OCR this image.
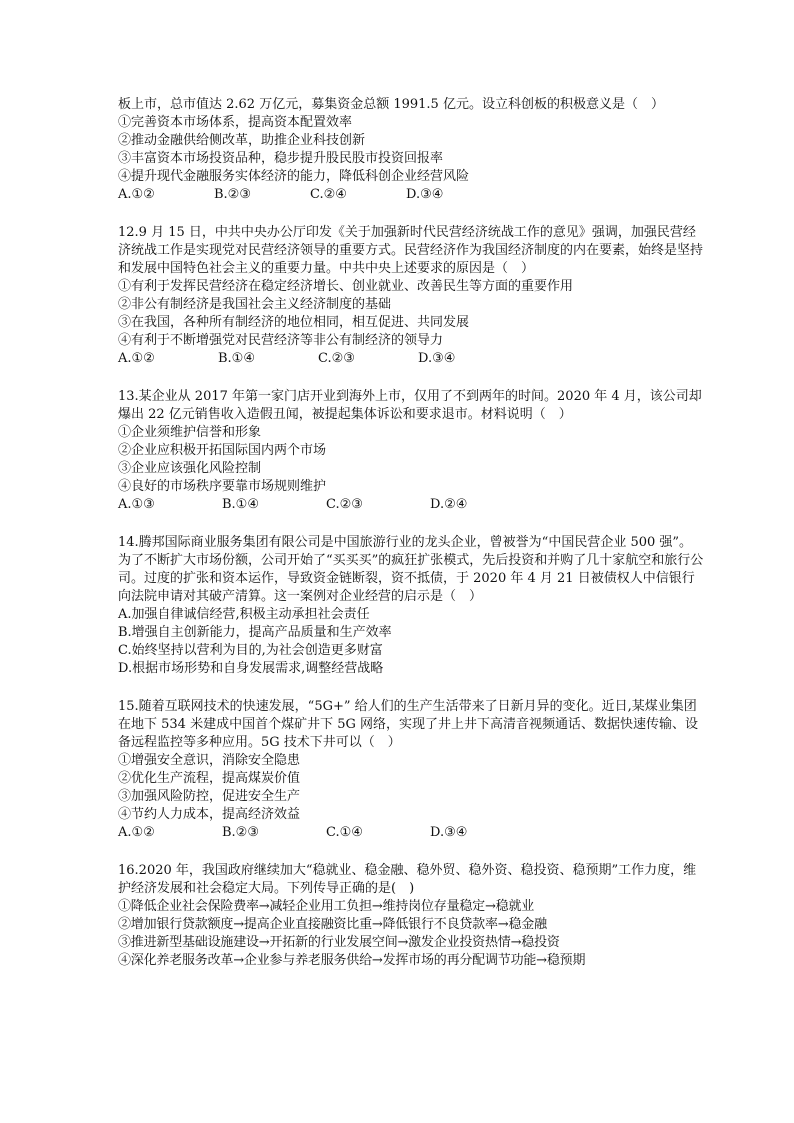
板上市，总市值达 2.62 万亿元，募集资金总额 1991.5 亿元。设立科创板的积极意义是（　）
①完善资本市场体系，提高资本配置效率
②推动金融供给侧改革，助推企业科技创新
③丰富资本市场投资品种，稳步提升股民股市投资回报率
④提升现代金融服务实体经济的能力，降低科创企业经营风险
A.①②	B.②③	C.②④	D.③④
12.9 月 15 日，中共中央办公厅印发《关于加强新时代民营经济统战工作的意见》强调，加强民营经济统战工作是实现党对民营经济领导的重要方式。民营经济作为我国经济制度的内在要素，始终是坚持和发展中国特色社会主义的重要力量。中共中央上述要求的原因是（　）
①有利于发挥民营经济在稳定经济增长、创业就业、改善民生等方面的重要作用
②非公有制经济是我国社会主义经济制度的基础
③在我国，各种所有制经济的地位相同，相互促进、共同发展
④有利于不断增强党对民营经济等非公有制经济的领导力
A.①②	B.①④	C.②③	D.③④
13.某企业从 2017 年第一家门店开业到海外上市，仅用了不到两年的时间。2020 年 4 月，该公司却爆出 22 亿元销售收入造假丑闻，被提起集体诉讼和要求退市。材料说明（　）
①企业须维护信誉和形象
②企业应积极开拓国际国内两个市场
③企业应该强化风险控制
④良好的市场秩序要靠市场规则维护
A.①③	B.①④	C.②③	D.②④
14.腾邦国际商业服务集团有限公司是中国旅游行业的龙头企业，曾被誉为“中国民营企业 500 强”。为了不断扩大市场份额，公司开始了“买买买”的疯狂扩张模式，先后投资和并购了几十家航空和旅行公司。过度的扩张和资本运作，导致资金链断裂，资不抵债，于 2020 年 4 月 21 日被债权人中信银行向法院申请对其破产清算。这一案例对企业经营的启示是（　）
A.加强自律诚信经营,积极主动承担社会责任
B.增强自主创新能力，提高产品质量和生产效率
C.始终坚持以营利为目的,为社会创造更多财富
D.根据市场形势和自身发展需求,调整经营战略
15.随着互联网技术的快速发展，“5G+” 给人们的生产生活带来了日新月异的变化。近日,某煤业集团在地下 534 米建成中国首个煤矿井下 5G 网络，实现了井上井下高清音视频通话、数据快速传输、设备远程监控等多种应用。5G 技术下井可以（　）
①增强安全意识，消除安全隐患
②优化生产流程，提高煤炭价值
③加强风险防控，促进安全生产
④节约人力成本，提高经济效益
A.①②	B.②③	C.①④	D.③④
16.2020 年，我国政府继续加大“稳就业、稳金融、稳外贸、稳外资、稳投资、稳预期”工作力度，维护经济发展和社会稳定大局。下列传导正确的是(　)
①降低企业社会保险费率→减轻企业用工负担→维持岗位存量稳定→稳就业
②增加银行贷款额度→提高企业直接融资比重→降低银行不良贷款率→稳金融
③推进新型基础设施建设→开拓新的行业发展空间→激发企业投资热情→稳投资
④深化养老服务改革→企业参与养老服务供给→发挥市场的再分配调节功能→稳预期
